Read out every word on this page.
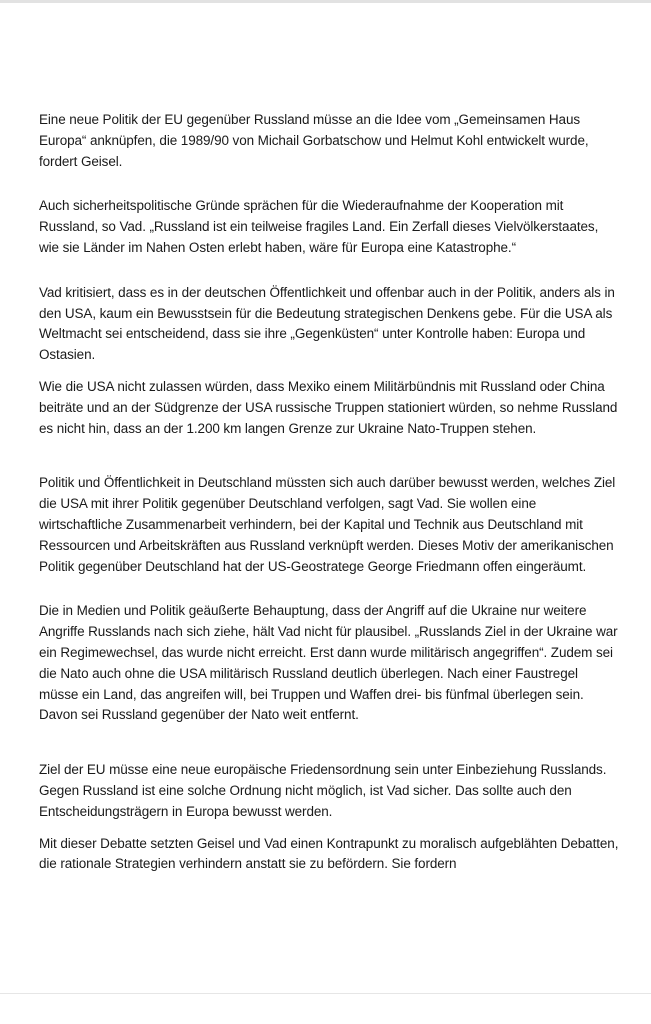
Eine neue Politik der EU gegenüber Russland müsse an die Idee vom „Gemeinsamen Haus Europa“ anknüpfen, die 1989/90 von Michail Gorbatschow und Helmut Kohl entwickelt wurde, fordert Geisel.

Auch sicherheitspolitische Gründe sprächen für die Wiederaufnahme der Kooperation mit Russland, so Vad. „Russland ist ein teilweise fragiles Land. Ein Zerfall dieses Vielvölkerstaates, wie sie Länder im Nahen Osten erlebt haben, wäre für Europa eine Katastrophe.“

Vad kritisiert, dass es in der deutschen Öffentlichkeit und offenbar auch in der Politik, anders als in den USA, kaum ein Bewusstsein für die Bedeutung strategischen Denkens gebe. Für die USA als Weltmacht sei entscheidend, dass sie ihre „Gegenküsten“ unter Kontrolle haben: Europa und Ostasien.

Wie die USA nicht zulassen würden, dass Mexiko einem Militärbündnis mit Russland oder China beiträte und an der Südgrenze der USA russische Truppen stationiert würden, so nehme Russland es nicht hin, dass an der 1.200 km langen Grenze zur Ukraine Nato-Truppen stehen.

Politik und Öffentlichkeit in Deutschland müssten sich auch darüber bewusst werden, welches Ziel die USA mit ihrer Politik gegenüber Deutschland verfolgen, sagt Vad. Sie wollen eine wirtschaftliche Zusammenarbeit verhindern, bei der Kapital und Technik aus Deutschland mit Ressourcen und Arbeitskräften aus Russland verknüpft werden. Dieses Motiv der amerikanischen Politik gegenüber Deutschland hat der US-Geostratege George Friedmann offen eingeräumt.

Die in Medien und Politik geäußerte Behauptung, dass der Angriff auf die Ukraine nur weitere Angriffe Russlands nach sich ziehe, hält Vad nicht für plausibel. „Russlands Ziel in der Ukraine war ein Regimewechsel, das wurde nicht erreicht. Erst dann wurde militärisch angegriffen“. Zudem sei die Nato auch ohne die USA militärisch Russland deutlich überlegen. Nach einer Faustregel müsse ein Land, das angreifen will, bei Truppen und Waffen drei- bis fünfmal überlegen sein. Davon sei Russland gegenüber der Nato weit entfernt.

Ziel der EU müsse eine neue europäische Friedensordnung sein unter Einbeziehung Russlands. Gegen Russland ist eine solche Ordnung nicht möglich, ist Vad sicher. Das sollte auch den Entscheidungsträgern in Europa bewusst werden.

Mit dieser Debatte setzten Geisel und Vad einen Kontrapunkt zu moralisch aufgeblähten Debatten, die rationale Strategien verhindern anstatt sie zu befördern. Sie fordern
